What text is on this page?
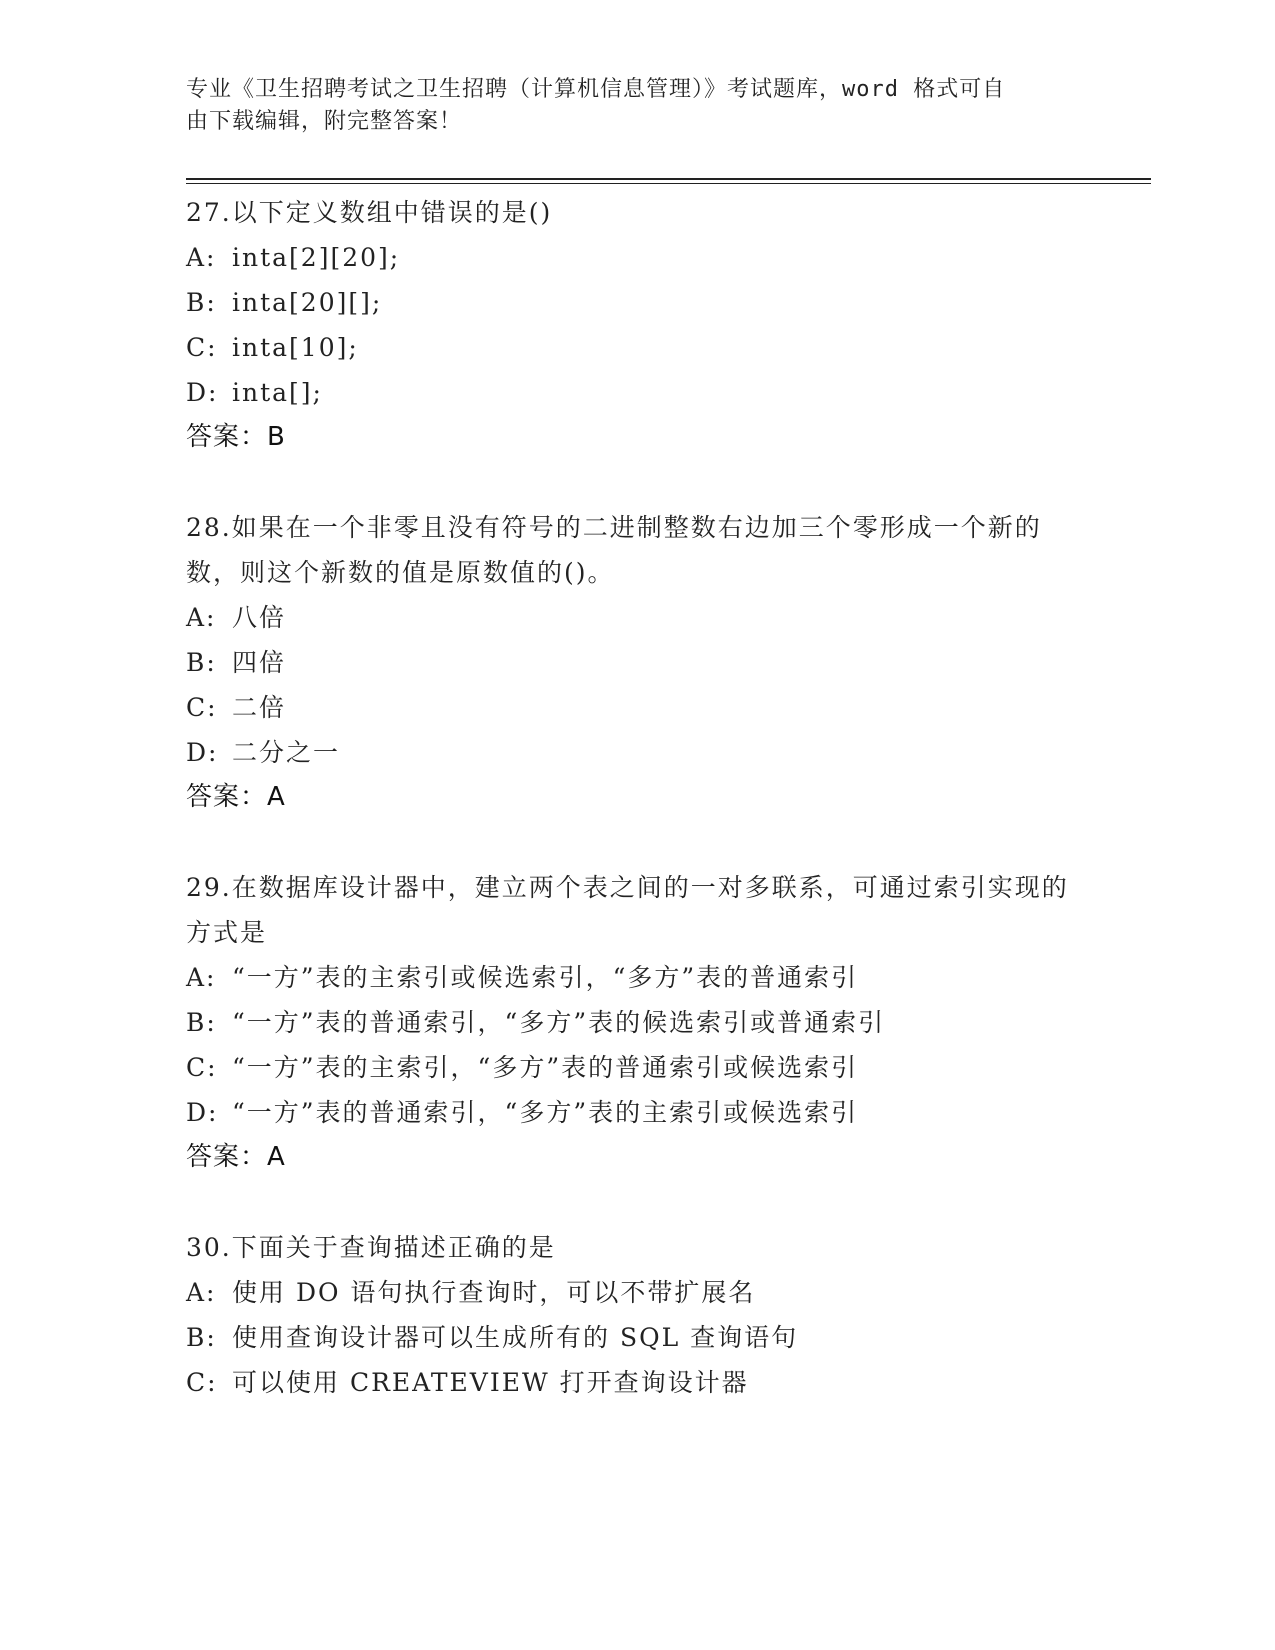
专业《卫生招聘考试之卫生招聘（计算机信息管理）》考试题库，word 格式可自
由下载编辑，附完整答案！

27.以下定义数组中错误的是()

A: inta[2][20];

B: inta[20][];

C: inta[10];

D: inta[];

答案：B

28.如果在一个非零且没有符号的二进制整数右边加三个零形成一个新的数，则这个新数的值是原数值的()。

A: 八倍

B: 四倍

C: 二倍

D: 二分之一

答案：A

29.在数据库设计器中，建立两个表之间的一对多联系，可通过索引实现的方式是

A: “一方”表的主索引或候选索引，“多方”表的普通索引

B: “一方”表的普通索引，“多方”表的候选索引或普通索引

C: “一方”表的主索引，“多方”表的普通索引或候选索引

D: “一方”表的普通索引，“多方”表的主索引或候选索引

答案：A

30.下面关于查询描述正确的是

A: 使用 DO 语句执行查询时，可以不带扩展名

B: 使用查询设计器可以生成所有的 SQL 查询语句

C: 可以使用 CREATEVIEW 打开查询设计器
